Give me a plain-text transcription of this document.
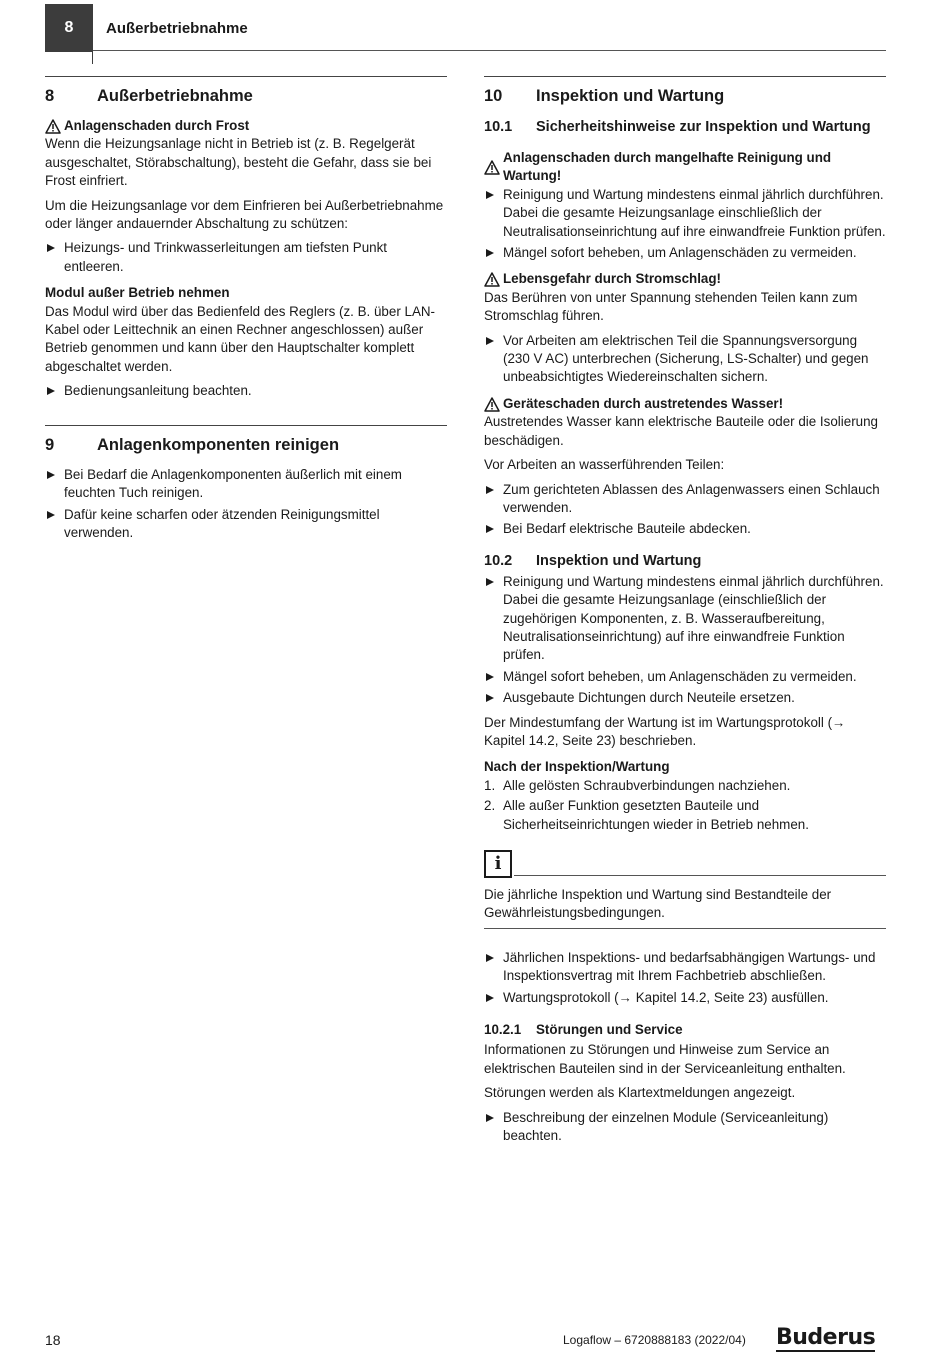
8	Außerbetriebnahme
8	Außerbetriebnahme
Anlagenschaden durch Frost

Wenn die Heizungsanlage nicht in Betrieb ist (z. B. Regelgerät ausgeschaltet, Störabschaltung), besteht die Gefahr, dass sie bei Frost einfriert.

Um die Heizungsanlage vor dem Einfrieren bei Außerbetriebnahme oder länger andauernder Abschaltung zu schützen:

Heizungs- und Trinkwasserleitungen am tiefsten Punkt entleeren.
Modul außer Betrieb nehmen

Das Modul wird über das Bedienfeld des Reglers (z. B. über LAN-Kabel oder Leittechnik an einen Rechner angeschlossen) außer Betrieb genommen und kann über den Hauptschalter komplett abgeschaltet werden.

Bedienungsanleitung beachten.
9	Anlagenkomponenten reinigen
Bei Bedarf die Anlagenkomponenten äußerlich mit einem feuchten Tuch reinigen.
Dafür keine scharfen oder ätzenden Reinigungsmittel verwenden.
10	Inspektion und Wartung
10.1	Sicherheitshinweise zur Inspektion und Wartung
Anlagenschaden durch mangelhafte Reinigung und Wartung!
Reinigung und Wartung mindestens einmal jährlich durchführen. Dabei die gesamte Heizungsanlage einschließlich der Neutralisationseinrichtung auf ihre einwandfreie Funktion prüfen.
Mängel sofort beheben, um Anlagenschäden zu vermeiden.
Lebensgefahr durch Stromschlag!

Das Berühren von unter Spannung stehenden Teilen kann zum Stromschlag führen.

Vor Arbeiten am elektrischen Teil die Spannungsversorgung (230 V AC) unterbrechen (Sicherung, LS-Schalter) und gegen unbeabsichtigtes Wiedereinschalten sichern.
Geräteschaden durch austretendes Wasser!

Austretendes Wasser kann elektrische Bauteile oder die Isolierung beschädigen.

Vor Arbeiten an wasserführenden Teilen:

Zum gerichteten Ablassen des Anlagenwassers einen Schlauch verwenden.
Bei Bedarf elektrische Bauteile abdecken.
10.2	Inspektion und Wartung
Reinigung und Wartung mindestens einmal jährlich durchführen. Dabei die gesamte Heizungsanlage (einschließlich der zugehörigen Komponenten, z. B. Wasseraufbereitung, Neutralisationseinrichtung) auf ihre einwandfreie Funktion prüfen.
Mängel sofort beheben, um Anlagenschäden zu vermeiden.
Ausgebaute Dichtungen durch Neuteile ersetzen.

Der Mindestumfang der Wartung ist im Wartungsprotokoll (→ Kapitel 14.2, Seite 23) beschrieben.

Nach der Inspektion/Wartung
1. Alle gelösten Schraubverbindungen nachziehen.
2. Alle außer Funktion gesetzten Bauteile und Sicherheitseinrichtungen wieder in Betrieb nehmen.
i
Die jährliche Inspektion und Wartung sind Bestandteile der Gewährleistungsbedingungen.
Jährlichen Inspektions- und bedarfsabhängigen Wartungs- und Inspektionsvertrag mit Ihrem Fachbetrieb abschließen.
Wartungsprotokoll (→ Kapitel 14.2, Seite 23) ausfüllen.
10.2.1	Störungen und Service

Informationen zu Störungen und Hinweise zum Service an elektrischen Bauteilen sind in der Serviceanleitung enthalten.

Störungen werden als Klartextmeldungen angezeigt.

Beschreibung der einzelnen Module (Serviceanleitung) beachten.
18	Logaflow – 6720888183 (2022/04) Buderus
